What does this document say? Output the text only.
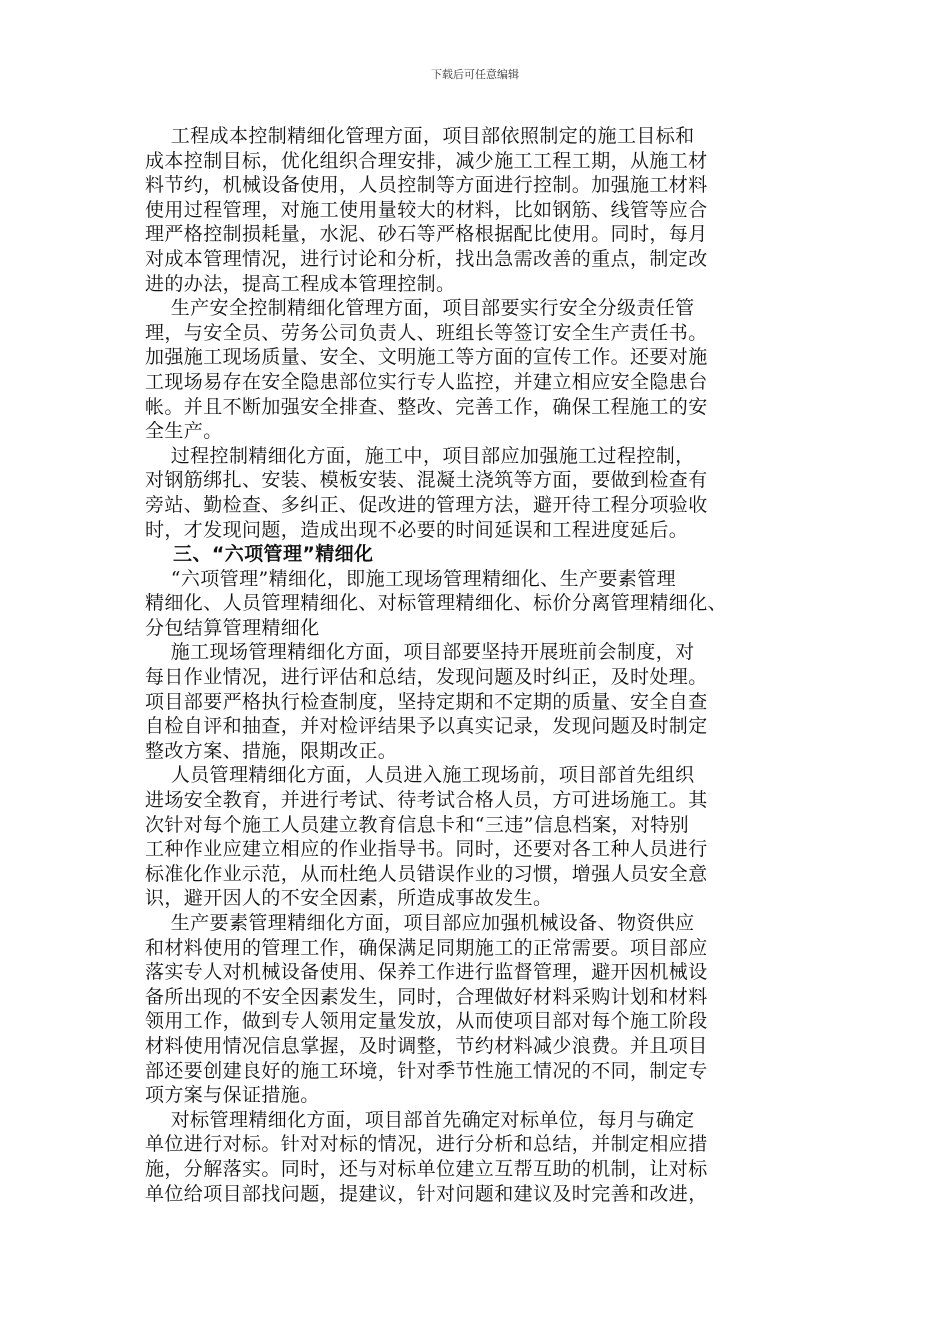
下载后可任意编辑
工程成本控制精细化管理方面，项目部依照制定的施工目标和
成本控制目标，优化组织合理安排，减少施工工程工期，从施工材
料节约，机械设备使用，人员控制等方面进行控制。加强施工材料
使用过程管理，对施工使用量较大的材料，比如钢筋、线管等应合
理严格控制损耗量，水泥、砂石等严格根据配比使用。同时，每月
对成本管理情况，进行讨论和分析，找出急需改善的重点，制定改
进的办法，提高工程成本管理控制。
生产安全控制精细化管理方面，项目部要实行安全分级责任管
理，与安全员、劳务公司负责人、班组长等签订安全生产责任书。
加强施工现场质量、安全、文明施工等方面的宣传工作。还要对施
工现场易存在安全隐患部位实行专人监控，并建立相应安全隐患台
帐。并且不断加强安全排查、整改、完善工作，确保工程施工的安
全生产。
过程控制精细化方面，施工中，项目部应加强施工过程控制，
对钢筋绑扎、安装、模板安装、混凝土浇筑等方面，要做到检查有
旁站、勤检查、多纠正、促改进的管理方法，避开待工程分项验收
时，才发现问题，造成出现不必要的时间延误和工程进度延后。
三、“六项管理”精细化
“六项管理”精细化，即施工现场管理精细化、生产要素管理
精细化、人员管理精细化、对标管理精细化、标价分离管理精细化、
分包结算管理精细化
施工现场管理精细化方面，项目部要坚持开展班前会制度，对
每日作业情况，进行评估和总结，发现问题及时纠正，及时处理。
项目部要严格执行检查制度，坚持定期和不定期的质量、安全自查
自检自评和抽查，并对检评结果予以真实记录，发现问题及时制定
整改方案、措施，限期改正。
人员管理精细化方面，人员进入施工现场前，项目部首先组织
进场安全教育，并进行考试、待考试合格人员，方可进场施工。其
次针对每个施工人员建立教育信息卡和“三违”信息档案，对特别
工种作业应建立相应的作业指导书。同时，还要对各工种人员进行
标准化作业示范，从而杜绝人员错误作业的习惯，增强人员安全意
识，避开因人的不安全因素，所造成事故发生。
生产要素管理精细化方面，项目部应加强机械设备、物资供应
和材料使用的管理工作，确保满足同期施工的正常需要。项目部应
落实专人对机械设备使用、保养工作进行监督管理，避开因机械设
备所出现的不安全因素发生，同时，合理做好材料采购计划和材料
领用工作，做到专人领用定量发放，从而使项目部对每个施工阶段
材料使用情况信息掌握，及时调整，节约材料减少浪费。并且项目
部还要创建良好的施工环境，针对季节性施工情况的不同，制定专
项方案与保证措施。
对标管理精细化方面，项目部首先确定对标单位，每月与确定
单位进行对标。针对对标的情况，进行分析和总结，并制定相应措
施，分解落实。同时，还与对标单位建立互帮互助的机制，让对标
单位给项目部找问题，提建议，针对问题和建议及时完善和改进，
